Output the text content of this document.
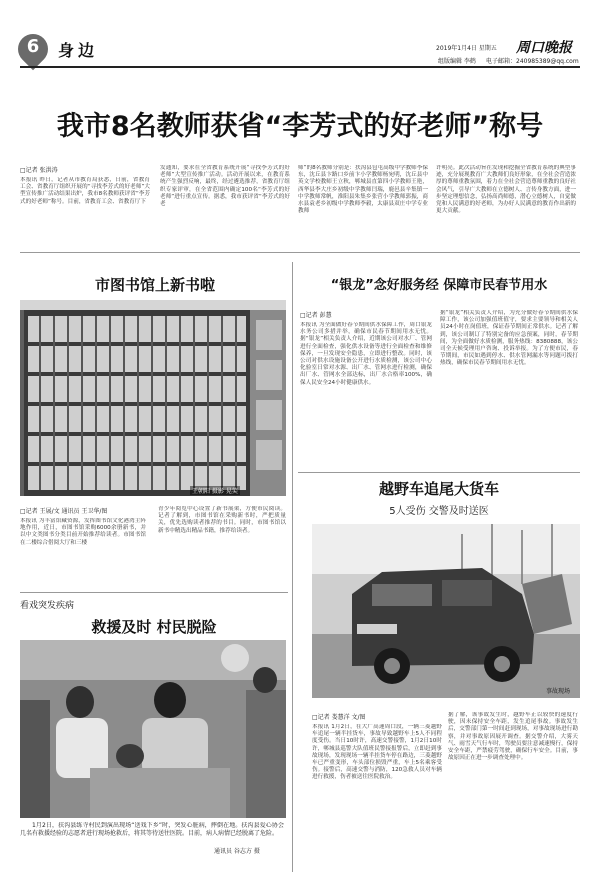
6	身边	2019年1月4日 星期五 周口晚报
组版编辑 李鹤 电子邮箱：240985389@qq.com
我市8名教师获省“李芳式的好老师”称号
□记者 张洪涛
本报讯 昨日，记者从市教育局获悉，日前，省教育工会、省教育厅组织开展的“寻找李芳式的好老师”大型宣传推广活动结果出炉，我市8名教师获评省“李芳式的好老师”称号。目前，省教育工会、省教育厅下
发通知，要求在全省教育系统开展“寻找李芳式的好老师”大型宣传推广活动。活动开展以来，在教育系统产生强烈反响，最终，经过遴选推荐，省教育厅组织专家评审，在全省范围内确定100名“李芳式的好老师”进行重点宣传。据悉，我市获评省“李芳式的好老
师”的8名教师分别是：扶沟县包屯高级中学教师李保东，沈丘县卞路口乡前卞小学教师杨宛明，沈丘县中英文学校教师王立秋，郸城县直第四小学教师王艳，西华县李大庄乡初级中学教师闫瑞，鹿邑县辛集镇一中学教师常帆，淮阳县朱集乡张营小学教师郭振，商水县袁老乡初级中学教师李毅，太康县双庄中学专业教师
许明亮。此次活动旨在发现和挖掘全省教育系统的典型事迹，充分展现教育广大教师们良好形象，在全社会营造浓厚的尊师重教氛围，着力在全社会营造尊师重教的良好社会风气，引导广大教师在立德树人、言传身教方面，进一步坚定理想信念，弘扬高尚师德，潜心立德树人，自觉做党和人民满意的好老师，为办好人民满意的教育作出新的更大贡献。
市图书馆上新书啦
王朝阳 摄影 晃笑
□记者 王展/文 通讯员 王卫华/图
本报讯 为丰富馆藏资源，发挥图书馆文化港湾主阵地作用，近日，市图书馆采购6000余册新书，并以中文类图书分类目前开始推荐给读者。市图书馆在二楼综合借阅大厅和三楼
青少年阅览中心设置了新书展架，方便市民阅读。记者了解到，市图书馆在采购新书时，严把质量关，优先选购读者推荐的书目。同时，市图书馆以新书中精选出精品书籍，推荐给读者。
看戏突发疾病
救援及时 村民脱险
1月2日，扶沟县练寺村民到演出现场“送戏下乡”时，突发心脏病，摔倒在地。扶沟县爱心协会几名有救援经验的志愿者进行现场抢救后，将其等待送往医院。目前，病人病情已经脱离了危险。
通讯员 谷志方 摄
“银龙”念好服务经 保障市民春节用水
□记者 彭慧
本报讯 为全面做好春节期间供水保障工作，周口银龙水务公司多措并举，确保市民春节期间用水无忧。据“银龙”相关负责人介绍，近期该公司对水厂、管网进行全面检查，强化供水设备等进行全面检查和维修保养，一旦发现安全隐患，立即进行整改。同时，该公司对供水设施设备公开进行水质检测，该公司中心化验室日常对水源、出厂水、管网水进行检测，确保出厂水、管网水全部达标，出厂水合格率100%，确保人民安全24小时健康供水。
据“银龙”相关负责人介绍，为充分做好春节期间供水保障工作，该公司加强值班值守，要求主要领导和相关人员24小时在岗值班，保证春节期间正常供水。记者了解到，该公司制订了特别完备的应急预案，同时，春节期间，为全面做好水质检测，服务热线：8380888，该公司全天候受理用户咨询、投诉举报。为了方便市民，春节期间，市民如遇到停水、供水管网漏水等问题可拨打热线，确保市民春节期间用水无忧。
越野车追尾大货车
5人受伤 交警及时送医
事故现场
□记者 娄慧洋 文/图
本报讯 1月2日，在大广高速周口段，一辆三菱越野车追尾一辆半挂货车，事故导致越野车上5人不同程度受伤。当日10时许，高速交警接警，1月2日10时许，郸城县巡警大队值班民警接报警后，立即赶到事故现场，发现现场一辆半挂货车停在路边，三菱越野车已严重变形，车头部位损毁严重，车上5名乘客受伤。接警后，高速交警与消防，120急救人员对车辆进行救援，伤者被送往医院救治。
据了解，该事故发生时，越野车正以较快的速度行驶，因未保持安全车距，发生追尾事故。事故发生后，交警部门第一时间赶到现场，对事故现场进行勘察，并对事故原因展开调查。据交警介绍，大雾天气、雨雪天气行车时，驾驶员要注意减速慢行，保持安全车距，严禁疲劳驾驶，确保行车安全。目前，事故原因正在进一步调查处理中。
